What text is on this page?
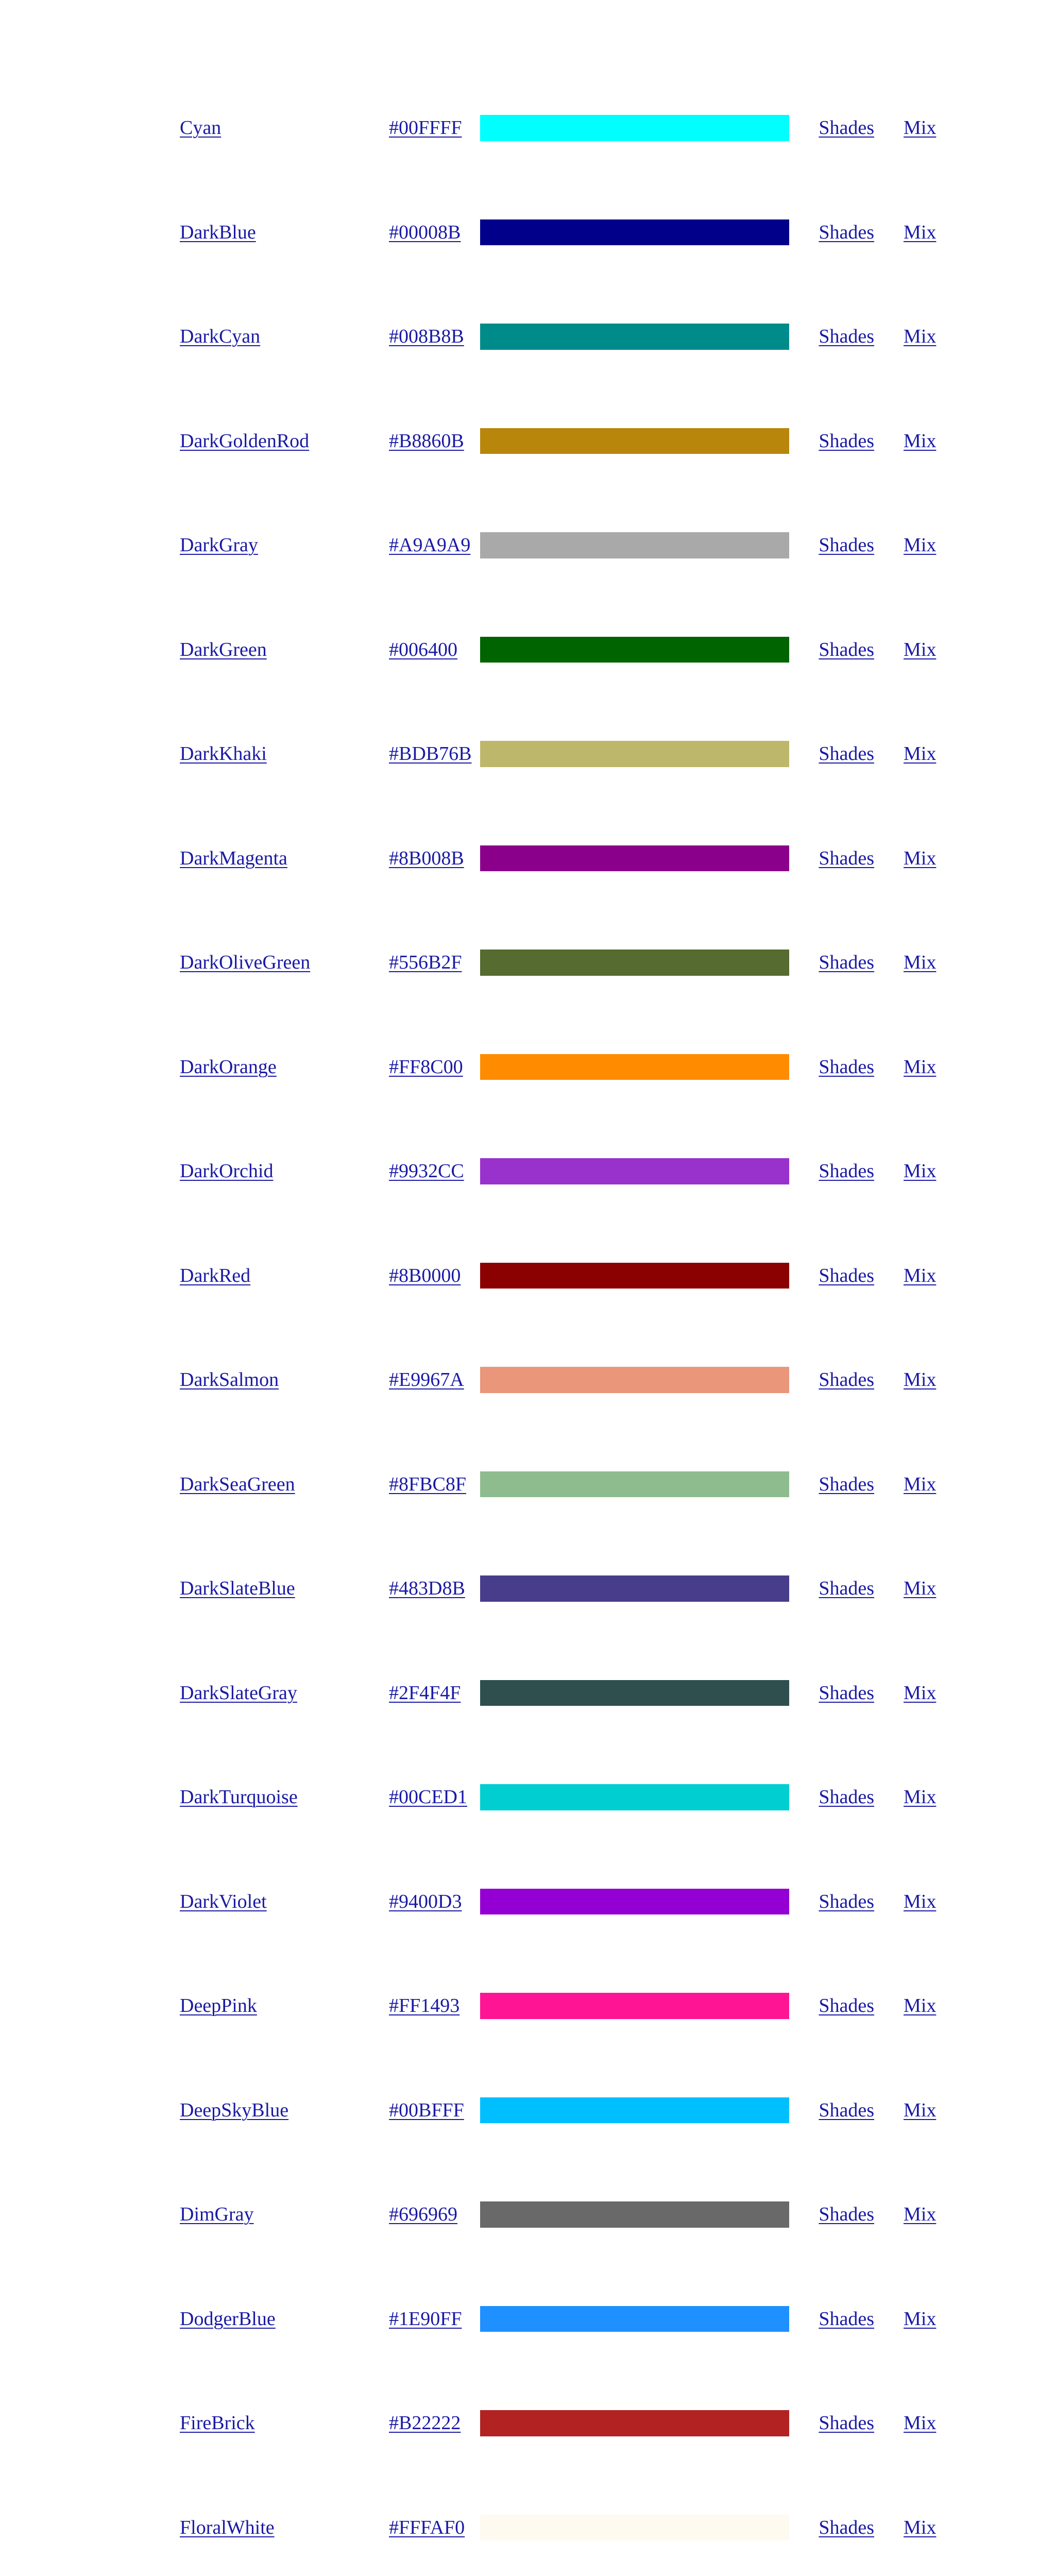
Cyan	#00FFFF		Shades	Mix

DarkBlue	#00008B		Shades	Mix

DarkCyan	#008B8B		Shades	Mix

DarkGoldenRod	#B8860B		Shades	Mix

DarkGray	#A9A9A9		Shades	Mix

DarkGreen	#006400		Shades	Mix

DarkKhaki	#BDB76B		Shades	Mix

DarkMagenta	#8B008B		Shades	Mix

DarkOliveGreen	#556B2F		Shades	Mix

DarkOrange	#FF8C00		Shades	Mix

DarkOrchid	#9932CC		Shades	Mix

DarkRed	#8B0000		Shades	Mix

DarkSalmon	#E9967A		Shades	Mix

DarkSeaGreen	#8FBC8F		Shades	Mix

DarkSlateBlue	#483D8B		Shades	Mix

DarkSlateGray	#2F4F4F		Shades	Mix

DarkTurquoise	#00CED1		Shades	Mix

DarkViolet	#9400D3		Shades	Mix

DeepPink	#FF1493		Shades	Mix

DeepSkyBlue	#00BFFF		Shades	Mix

DimGray	#696969		Shades	Mix

DodgerBlue	#1E90FF		Shades	Mix

FireBrick	#B22222		Shades	Mix

FloralWhite	#FFFAF0		Shades	Mix
